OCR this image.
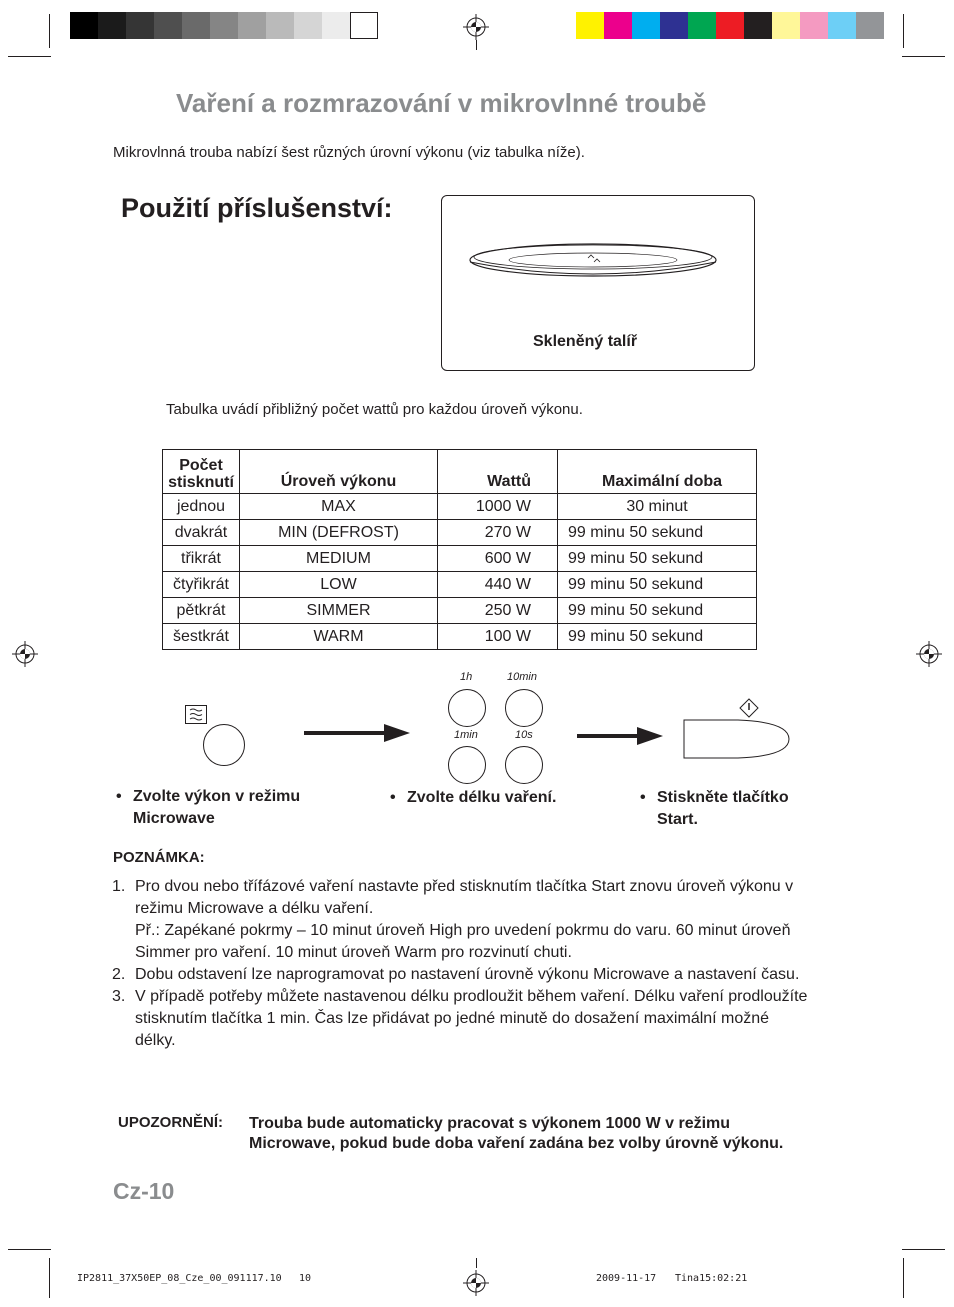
Vaření a rozmrazování v mikrovlnné troubě
Mikrovlnná trouba nabízí šest různých úrovní výkonu (viz tabulka níže).
Použití příslušenství:
Skleněný talíř
Tabulka uvádí přibližný počet wattů pro každou úroveň výkonu.
Počet stisknutí	Úroveň výkonu	Wattů	Maximální doba
jednou	MAX	1000 W	30 minut
dvakrát	MIN (DEFROST)	270 W	99 minu 50 sekund
třikrát	MEDIUM	600 W	99 minu 50 sekund
čtyřikrát	LOW	440 W	99 minu 50 sekund
pětkrát	SIMMER	250 W	99 minu 50 sekund
šestkrát	WARM	100 W	99 minu 50 sekund
1h	10min
1min	10s
• Zvolte výkon v režimu Microwave
• Zvolte délku vaření.	• Stiskněte tlačítko Start.
POZNÁMKA:
1. Pro dvou nebo třífázové vaření nastavte před stisknutím tlačítka Start znovu úroveň výkonu v režimu Microwave a délku vaření.
Př.: Zapékané pokrmy – 10 minut úroveň High pro uvedení pokrmu do varu. 60 minut úroveň Simmer pro vaření. 10 minut úroveň Warm pro rozvinutí chuti.
2. Dobu odstavení lze naprogramovat po nastavení úrovně výkonu Microwave a nastavení času.
3. V případě potřeby můžete nastavenou délku prodloužit během vaření. Délku vaření prodloužíte stisknutím tlačítka 1 min. Čas lze přidávat po jedné minutě do dosažení maximální možné délky.
UPOZORNĚNÍ: Trouba bude automaticky pracovat s výkonem 1000 W v režimu Microwave, pokud bude doba vaření zadána bez volby úrovně výkonu.
Cz-10
IP2811_37X50EP_08_Cze_00_091117.10 10	2009-11-17 Tina15:02:21
